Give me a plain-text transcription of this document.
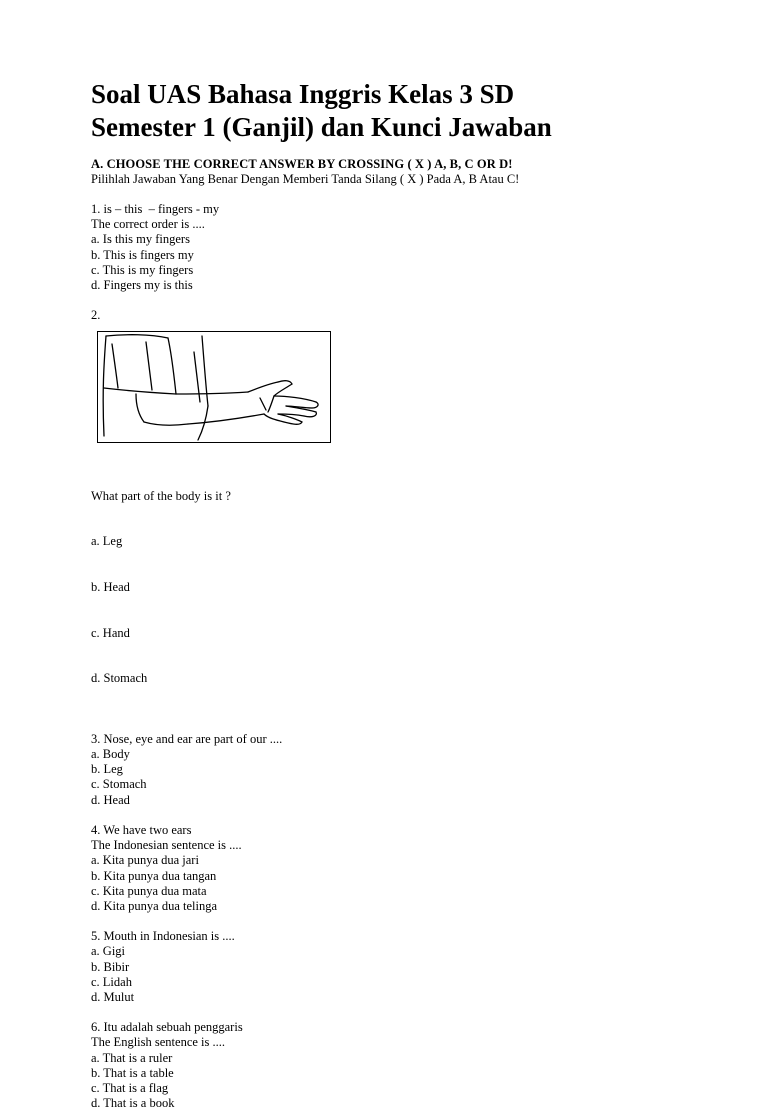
Soal UAS Bahasa Inggris Kelas 3 SD
Semester 1 (Ganjil) dan Kunci Jawaban
A. CHOOSE THE CORRECT ANSWER BY CROSSING ( X ) A, B, C OR D!
Pilihlah Jawaban Yang Benar Dengan Memberi Tanda Silang ( X ) Pada A, B Atau C!
1. is – this  – fingers - my
The correct order is ....
a. Is this my fingers
b. This is fingers my
c. This is my fingers
d. Fingers my is this
2.

What part of the body is it ?

a. Leg

b. Head

c. Hand

d. Stomach

3. Nose, eye and ear are part of our ....
a. Body
b. Leg
c. Stomach
d. Head
4. We have two ears
The Indonesian sentence is ....
a. Kita punya dua jari
b. Kita punya dua tangan
c. Kita punya dua mata
d. Kita punya dua telinga
5. Mouth in Indonesian is ....
a. Gigi
b. Bibir
c. Lidah
d. Mulut
6. Itu adalah sebuah penggaris
The English sentence is ....
a. That is a ruler
b. That is a table
c. That is a flag
d. That is a book
